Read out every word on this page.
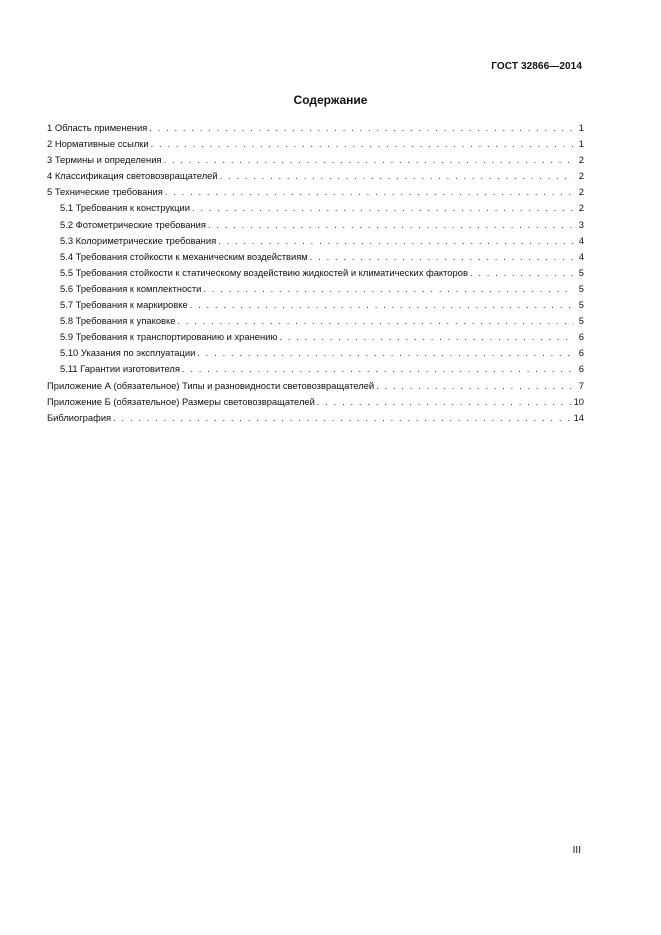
ГОСТ 32866—2014
Содержание
1 Область применения . . .	1
2 Нормативные ссылки . . .	1
3 Термины и определения . . .	2
4 Классификация световозвращателей . . .	2
5 Технические требования . . .	2
5.1 Требования к конструкции . . .	2
5.2 Фотометрические требования . . .	3
5.3 Колориметрические требования . . .	4
5.4 Требования стойкости к механическим воздействиям . . .	4
5.5 Требования стойкости к статическому воздействию жидкостей и климатических факторов . . .	5
5.6 Требования к комплектности . . .	5
5.7 Требования к маркировке . . .	5
5.8 Требования к упаковке . . .	5
5.9 Требования к транспортированию и хранению . . .	6
5.10 Указания по эксплуатации . . .	6
5.11 Гарантии изготовителя . . .	6
Приложение А (обязательное) Типы и разновидности световозвращателей . . .	7
Приложение Б (обязательное) Размеры световозвращателей . . .	10
Библиография . . .	14
III
